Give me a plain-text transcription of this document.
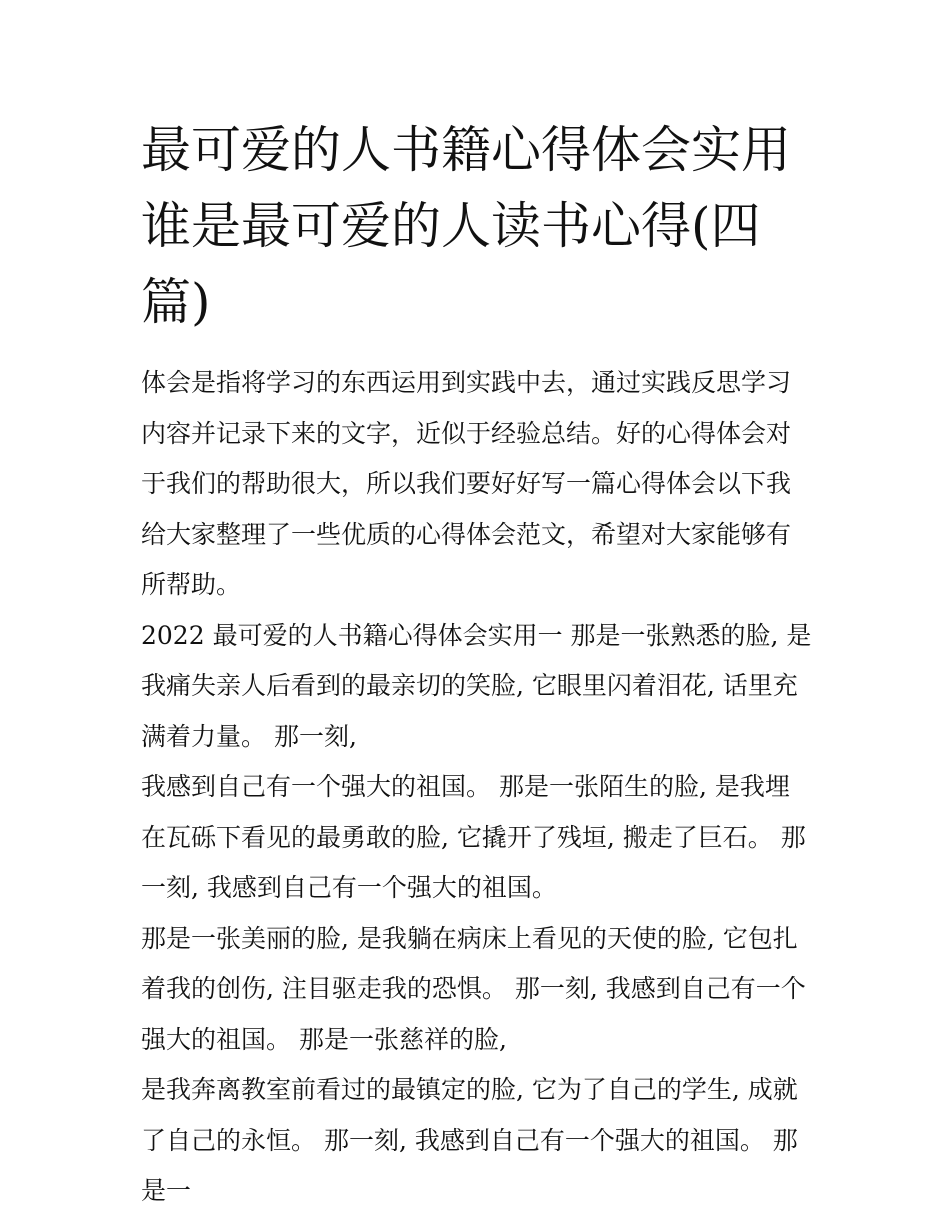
最可爱的人书籍心得体会实用谁是最可爱的人读书心得(四篇)

体会是指将学习的东西运用到实践中去，通过实践反思学习内容并记录下来的文字，近似于经验总结。好的心得体会对于我们的帮助很大，所以我们要好好写一篇心得体会以下我给大家整理了一些优质的心得体会范文，希望对大家能够有所帮助。

2022 最可爱的人书籍心得体会实用一 那是一张熟悉的脸, 是我痛失亲人后看到的最亲切的笑脸, 它眼里闪着泪花, 话里充满着力量。 那一刻,

我感到自己有一个强大的祖国。 那是一张陌生的脸, 是我埋在瓦砾下看见的最勇敢的脸, 它撬开了残垣, 搬走了巨石。 那一刻, 我感到自己有一个强大的祖国。

那是一张美丽的脸, 是我躺在病床上看见的天使的脸, 它包扎着我的创伤, 注目驱走我的恐惧。 那一刻, 我感到自己有一个强大的祖国。 那是一张慈祥的脸,

是我奔离教室前看过的最镇定的脸, 它为了自己的学生, 成就了自己的永恒。 那一刻, 我感到自己有一个强大的祖国。 那是一
